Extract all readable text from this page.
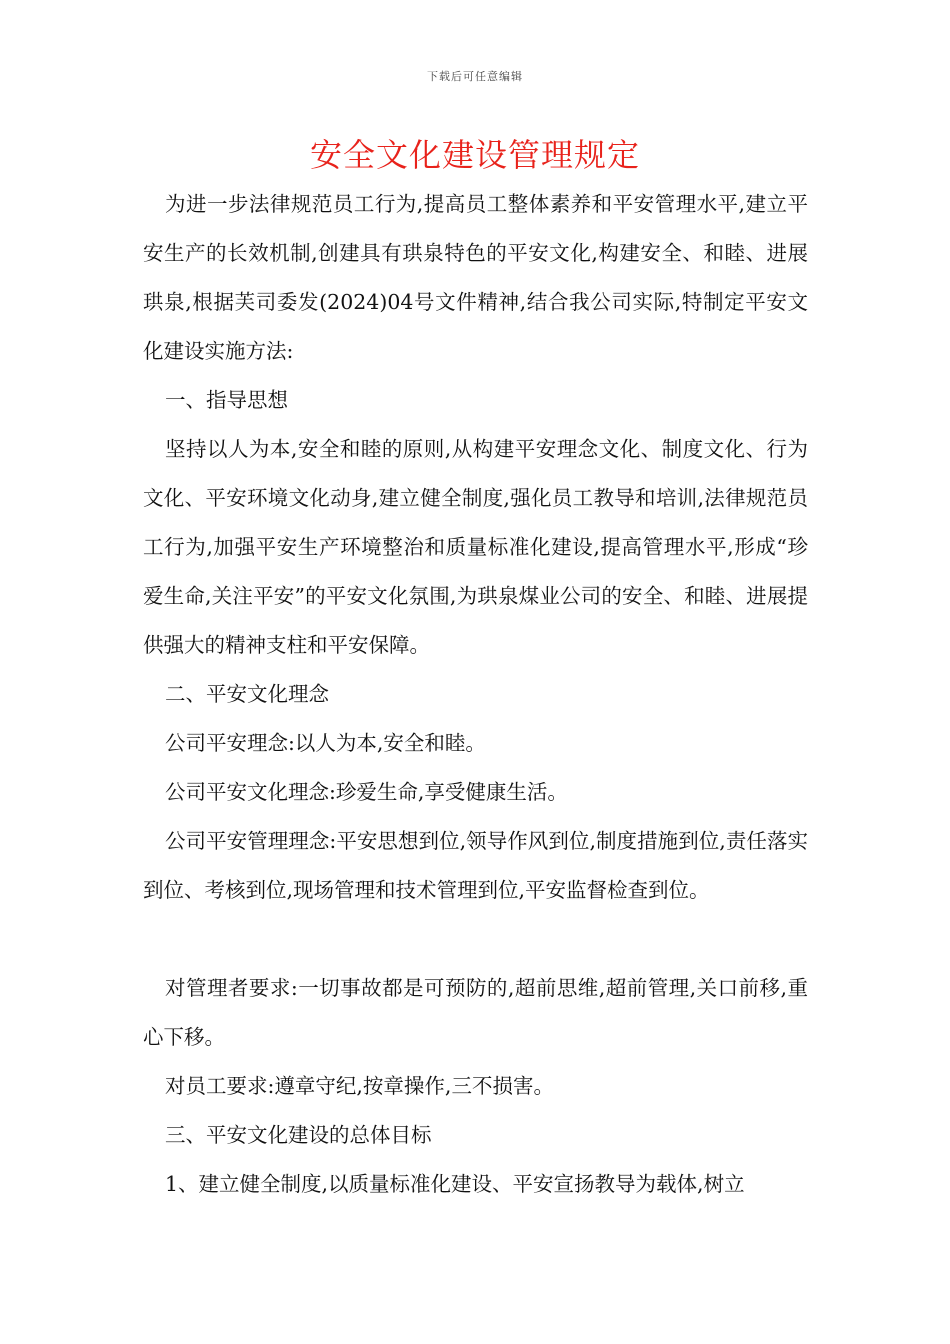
下载后可任意编辑
安全文化建设管理规定

为进一步法律规范员工行为,提高员工整体素养和平安管理水平,建立平安生产的长效机制,创建具有珙泉特色的平安文化,构建安全、和睦、进展珙泉,根据芙司委发(2024)04号文件精神,结合我公司实际,特制定平安文化建设实施方法:

一、指导思想

坚持以人为本,安全和睦的原则,从构建平安理念文化、制度文化、行为文化、平安环境文化动身,建立健全制度,强化员工教导和培训,法律规范员工行为,加强平安生产环境整治和质量标准化建设,提高管理水平,形成“珍爱生命,关注平安”的平安文化氛围,为珙泉煤业公司的安全、和睦、进展提供强大的精神支柱和平安保障。

二、平安文化理念

公司平安理念:以人为本,安全和睦。

公司平安文化理念:珍爱生命,享受健康生活。

公司平安管理理念:平安思想到位,领导作风到位,制度措施到位,责任落实到位、考核到位,现场管理和技术管理到位,平安监督检查到位。

对管理者要求:一切事故都是可预防的,超前思维,超前管理,关口前移,重心下移。

对员工要求:遵章守纪,按章操作,三不损害。

三、平安文化建设的总体目标

1、建立健全制度,以质量标准化建设、平安宣扬教导为载体,树立
